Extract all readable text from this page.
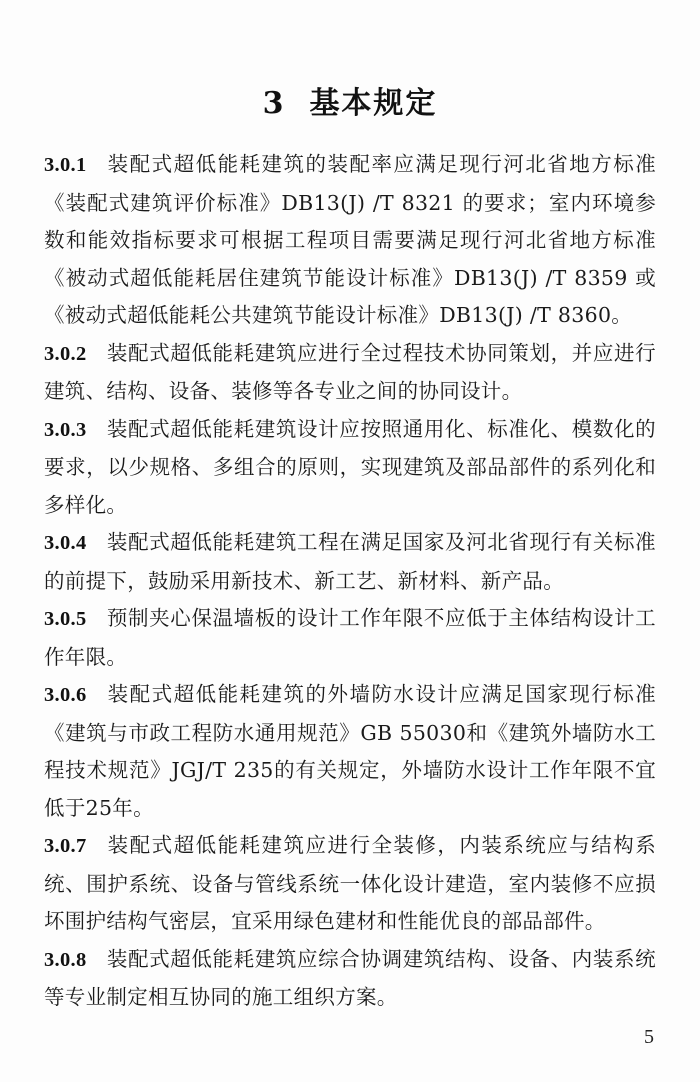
3 基本规定

3.0.1 装配式超低能耗建筑的装配率应满足现行河北省地方标准《装配式建筑评价标准》DB13(J) /T 8321 的要求；室内环境参数和能效指标要求可根据工程项目需要满足现行河北省地方标准《被动式超低能耗居住建筑节能设计标准》DB13(J) /T 8359 或《被动式超低能耗公共建筑节能设计标准》DB13(J) /T 8360。

3.0.2 装配式超低能耗建筑应进行全过程技术协同策划，并应进行建筑、结构、设备、装修等各专业之间的协同设计。

3.0.3 装配式超低能耗建筑设计应按照通用化、标准化、模数化的要求，以少规格、多组合的原则，实现建筑及部品部件的系列化和多样化。

3.0.4 装配式超低能耗建筑工程在满足国家及河北省现行有关标准的前提下，鼓励采用新技术、新工艺、新材料、新产品。

3.0.5 预制夹心保温墙板的设计工作年限不应低于主体结构设计工作年限。

3.0.6 装配式超低能耗建筑的外墙防水设计应满足国家现行标准《建筑与市政工程防水通用规范》GB 55030和《建筑外墙防水工程技术规范》JGJ/T 235的有关规定，外墙防水设计工作年限不宜低于25年。

3.0.7 装配式超低能耗建筑应进行全装修，内装系统应与结构系统、围护系统、设备与管线系统一体化设计建造，室内装修不应损坏围护结构气密层，宜采用绿色建材和性能优良的部品部件。

3.0.8 装配式超低能耗建筑应综合协调建筑结构、设备、内装系统等专业制定相互协同的施工组织方案。

5
